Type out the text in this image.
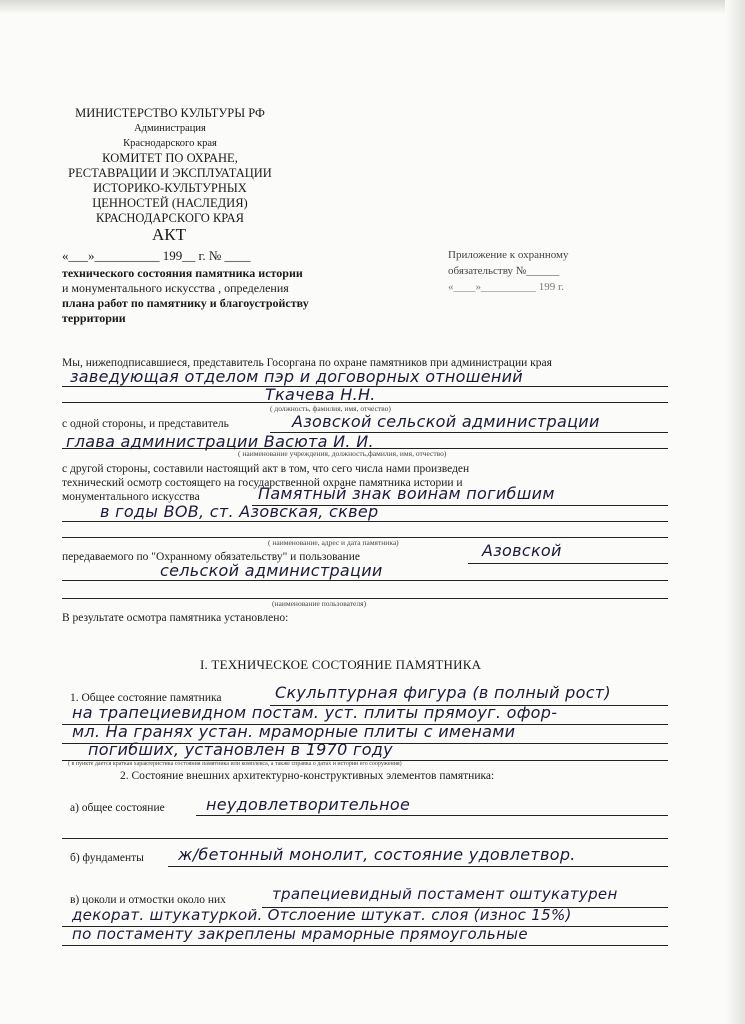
МИНИСТЕРСТВО КУЛЬТУРЫ РФ
Администрация
Краснодарского края
КОМИТЕТ ПО ОХРАНЕ,
РЕСТАВРАЦИИ И ЭКСПЛУАТАЦИИ
ИСТОРИКО-КУЛЬТУРНЫХ
ЦЕННОСТЕЙ (НАСЛЕДИЯ)
КРАСНОДАРСКОГО КРАЯ
АКТ
«___»__________ 199__ г. № ____
технического состояния памятника истории
и монументального искусства , определения
плана работ по памятнику и благоустройству
территории
Приложение к охранному
обязательству №______
«____»__________ 199 г.
Мы, нижеподписавшиеся, представитель Госоргана по охране памятников при администрации края
заведующая отделом пэр и договорных отношений
Ткачева Н.Н.
( должность, фамилия, имя, отчество)
с одной стороны, и представитель	Азовской сельской администрации
глава администрации Васюта И. И.
( наименование учреждения, должность,фамилия, имя, отчество)
с другой стороны, составили настоящий акт в том, что сего числа нами произведен
технический осмотр состоящего на государственной охране памятника истории и
монументального искусства	Памятный знак воинам погибшим
в годы ВОВ, ст. Азовская, сквер
( наименование, адрес и дата памятника)
передаваемого по "Охранному обязательству" и пользование	Азовской
сельской администрации
(наименование пользователя)
В результате осмотра памятника установлено:
I. ТЕХНИЧЕСКОЕ СОСТОЯНИЕ ПАМЯТНИКА
1. Общее состояние памятника	Скульптурная фигура (в полный рост)
на трапециевидном постам. уст. плиты прямоуг. офор-
мл. На гранях устан. мраморные плиты с именами
погибших, установлен в 1970 году
( в пункте дается краткая характеристика состояния памятника или комплекса, а также справка о датах и истории его сооружения)
2. Состояние внешних архитектурно-конструктивных элементов памятника:
а) общее состояние	неудовлетворительное
б) фундаменты ж/бетонный монолит, состояние удовлетвор.
в) цоколи и отмостки около них	трапециевидный постамент оштукатурен
декорат. штукатуркой. Отслоение штукат. слоя (износ 15%)
по постаменту закреплены мраморные прямоугольные
